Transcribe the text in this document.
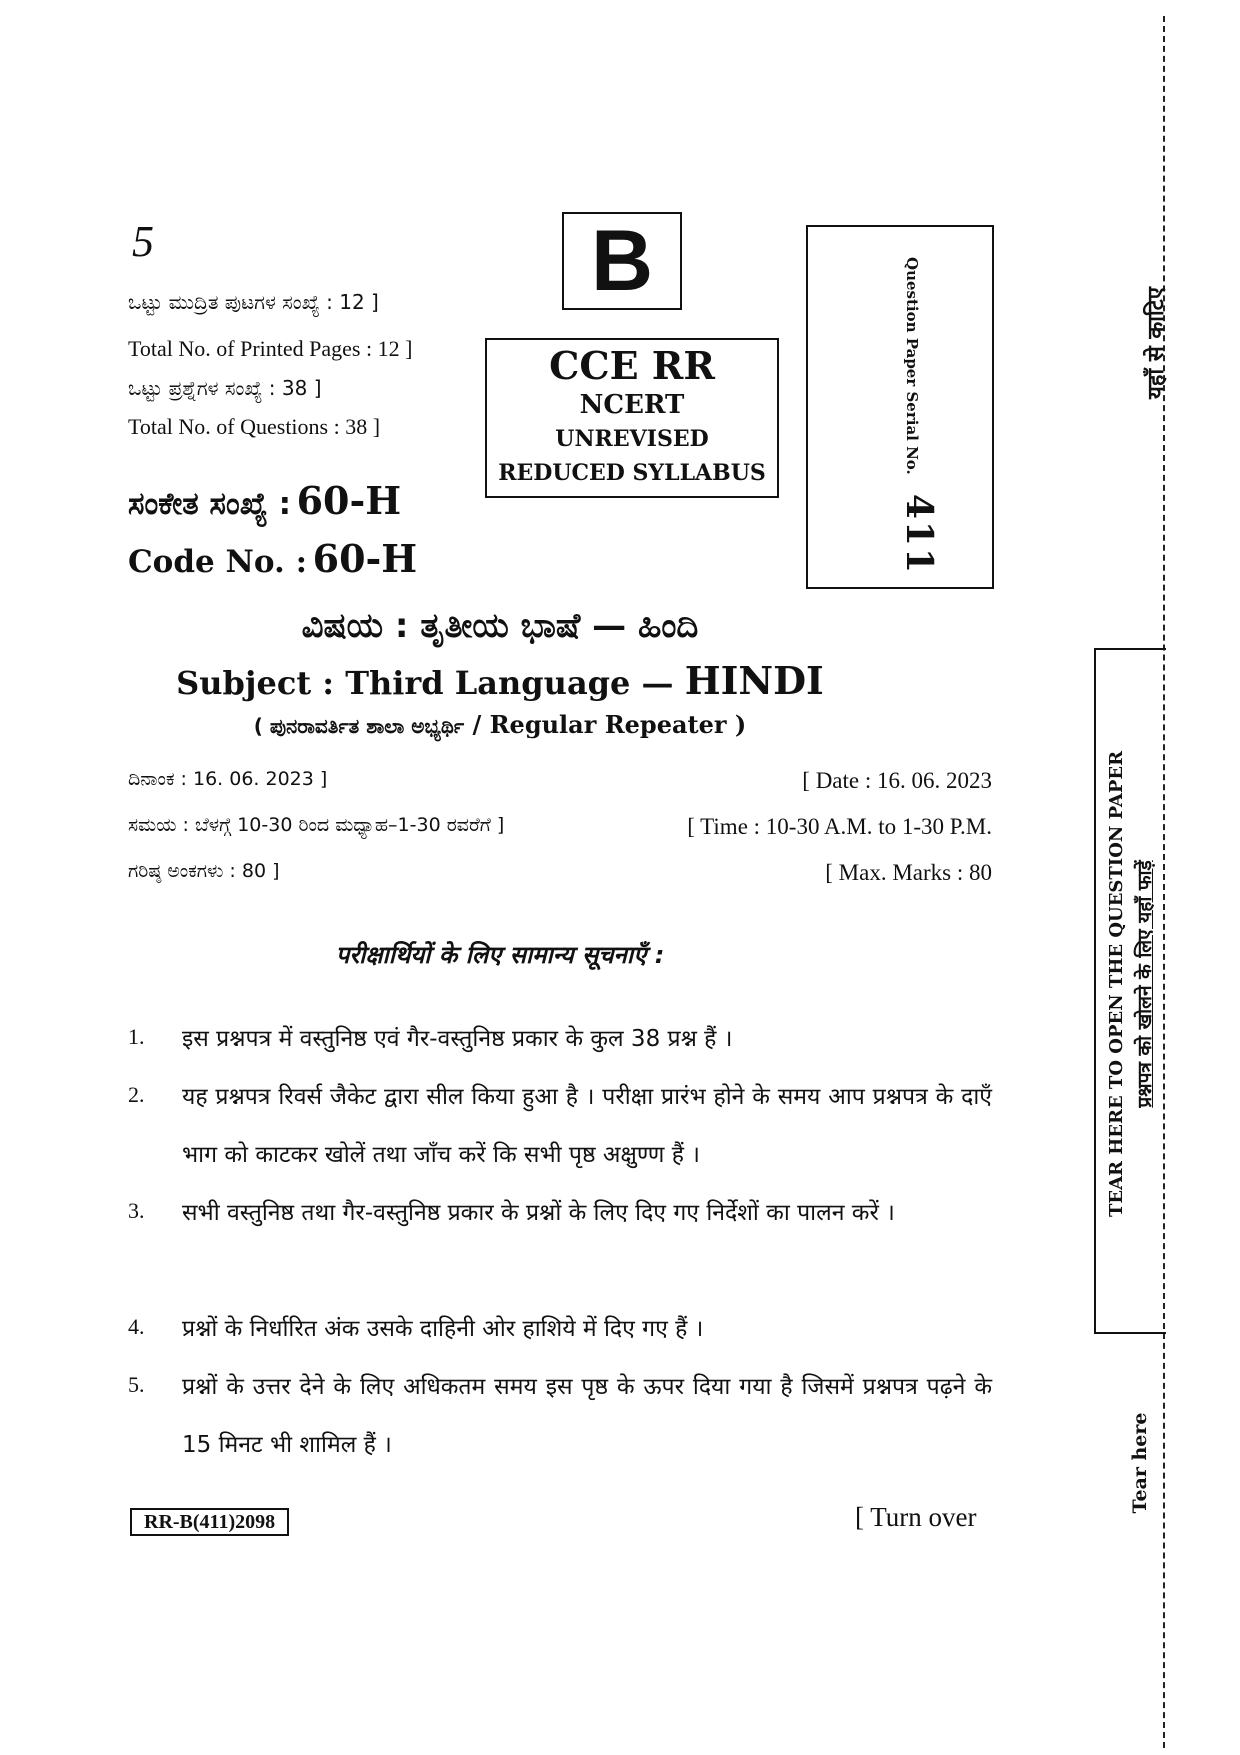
5
ಒಟ್ಟು ಮುದ್ರಿತ ಪುಟಗಳ ಸಂಖ್ಯೆ : 12 ]
Total No. of Printed Pages : 12 ]
ಒಟ್ಟು ಪ್ರಶ್ನೆಗಳ ಸಂಖ್ಯೆ : 38 ]
Total No. of Questions : 38 ]
ಸಂಕೇತ ಸಂಖ್ಯೆ : 60-H
Code No. : 60-H
B
CCE RR
NCERT
UNREVISED
REDUCED SYLLABUS	Question Paper Serial No. 411
ವಿಷಯ : ತೃತೀಯ ಭಾಷೆ — ಹಿಂದಿ
Subject : Third Language — HINDI
( ಪುನರಾವರ್ತಿತ ಶಾಲಾ ಅಭ್ಯರ್ಥಿ / Regular Repeater )
ದಿನಾಂಕ : 16. 06. 2023 ]	[ Date : 16. 06. 2023
ಸಮಯ : ಬೆಳಗ್ಗೆ 10-30 ರಿಂದ ಮಧ್ಯಾಹ–1-30 ರವರೆಗೆ ]	[ Time : 10-30 A.M. to 1-30 P.M.
ಗರಿಷ್ಠ ಅಂಕಗಳು : 80 ]	[ Max. Marks : 80
परीक्षार्थियों के लिए सामान्य सूचनाएँ :
1. इस प्रश्नपत्र में वस्तुनिष्ठ एवं गैर-वस्तुनिष्ठ प्रकार के कुल 38 प्रश्न हैं ।
2. यह प्रश्नपत्र रिवर्स जैकेट द्वारा सील किया हुआ है । परीक्षा प्रारंभ होने के समय आप प्रश्नपत्र के दाएँ भाग को काटकर खोलें तथा जाँच करें कि सभी पृष्ठ अक्षुण्ण हैं ।
3. सभी वस्तुनिष्ठ तथा गैर-वस्तुनिष्ठ प्रकार के प्रश्नों के लिए दिए गए निर्देशों का पालन करें ।
4. प्रश्नों के निर्धारित अंक उसके दाहिनी ओर हाशिये में दिए गए हैं ।
5. प्रश्नों के उत्तर देने के लिए अधिकतम समय इस पृष्ठ के ऊपर दिया गया है जिसमें प्रश्नपत्र पढ़ने के 15 मिनट भी शामिल हैं ।
RR-B(411)2098	[ Turn over
यहाँ से काटिए
TEAR HERE TO OPEN THE QUESTION PAPER प्रश्नपत्र को खोलने के लिए यहाँ फाड़ें
Tear here
